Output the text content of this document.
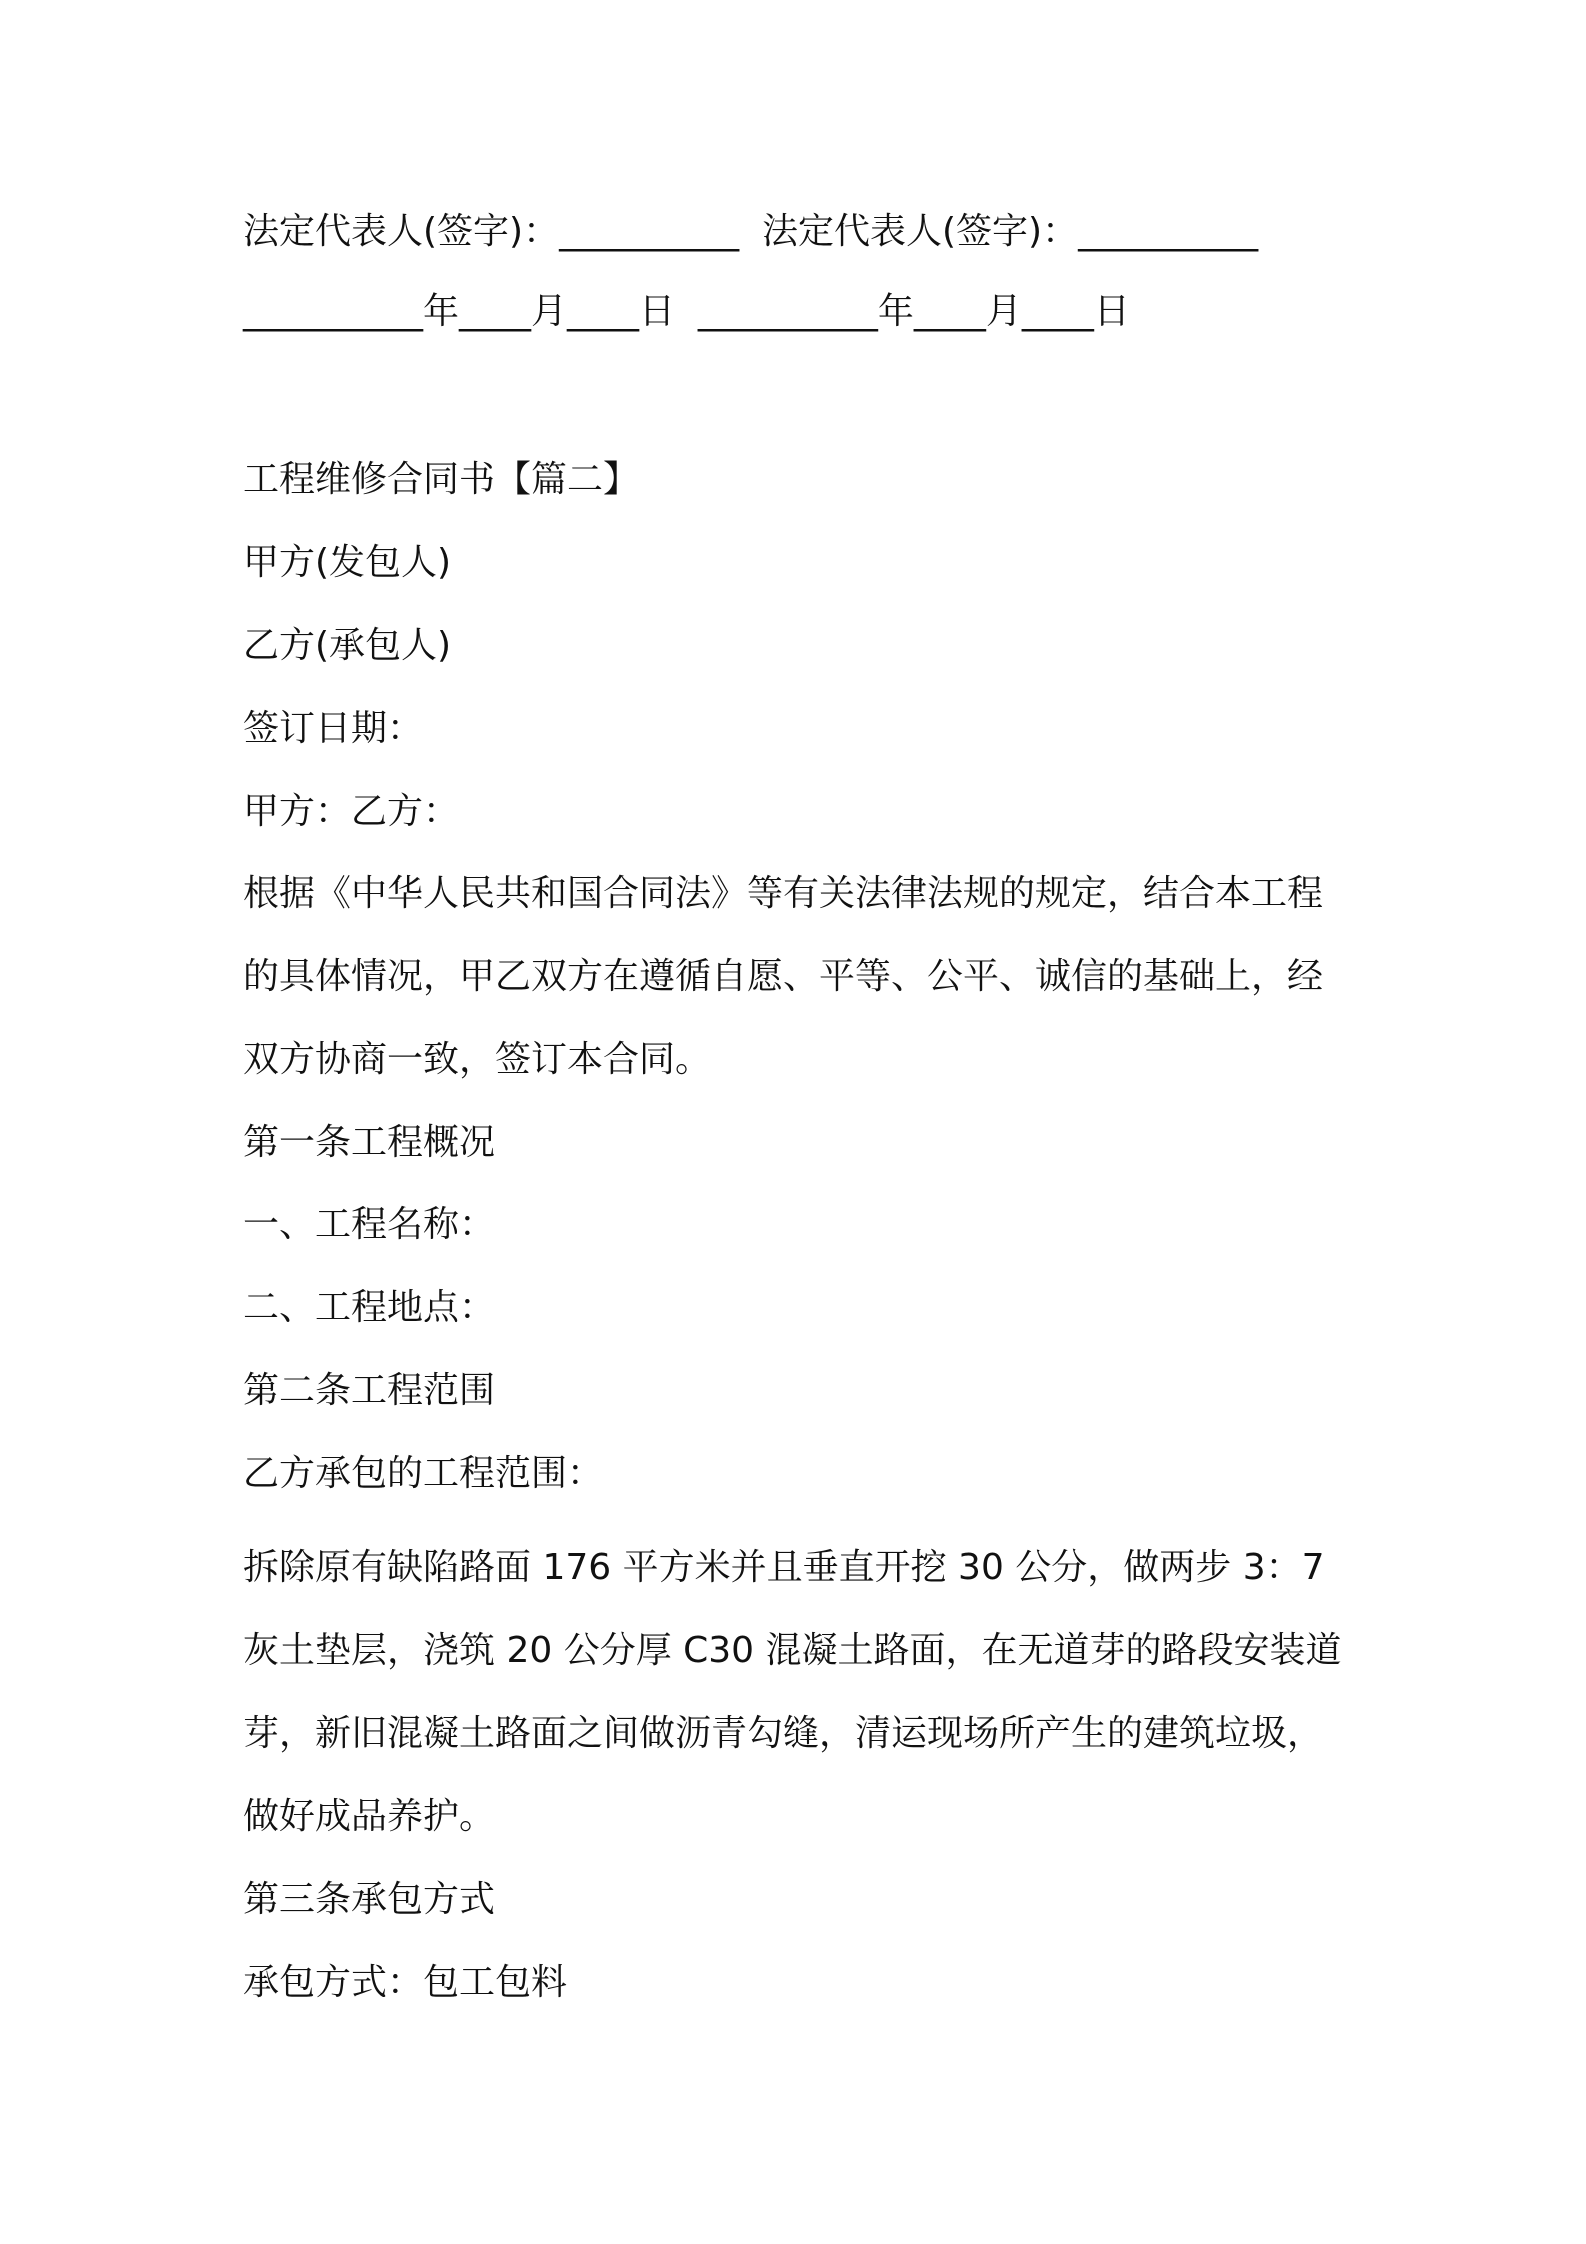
法定代表人(签字)：__________  法定代表人(签字)：__________
__________年____月____日  __________年____月____日
工程维修合同书【篇二】
甲方(发包人)
乙方(承包人)
签订日期：
甲方：乙方：
根据《中华人民共和国合同法》等有关法律法规的规定，结合本工程
的具体情况，甲乙双方在遵循自愿、平等、公平、诚信的基础上，经
双方协商一致，签订本合同。
第一条工程概况
一、工程名称：
二、工程地点：
第二条工程范围
乙方承包的工程范围：
拆除原有缺陷路面 176 平方米并且垂直开挖 30 公分，做两步 3：7
灰土垫层，浇筑 20 公分厚 C30 混凝土路面，在无道芽的路段安装道
芽，新旧混凝土路面之间做沥青勾缝，清运现场所产生的建筑垃圾，
做好成品养护。
第三条承包方式
承包方式：包工包料
